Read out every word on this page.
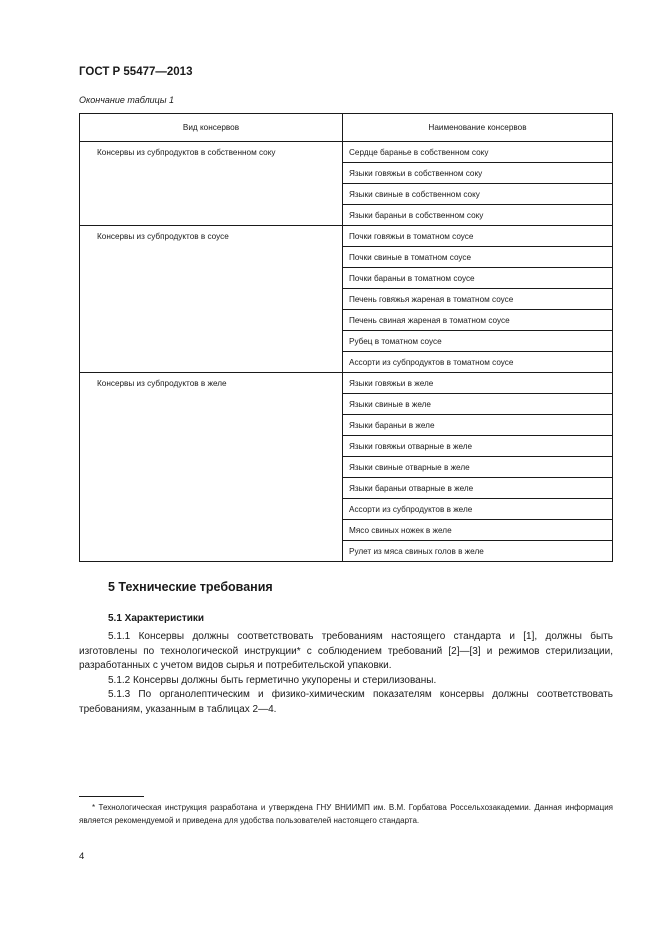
ГОСТ Р 55477—2013
Окончание таблицы 1
Вид консервов	Наименование консервов
Консервы из субпродуктов в собственном соку	Сердце баранье в собственном соку
	Языки говяжьи в собственном соку
	Языки свиные в собственном соку
	Языки бараньи в собственном соку
Консервы из субпродуктов в соусе	Почки говяжьи в томатном соусе
	Почки свиные в томатном соусе
	Почки бараньи в томатном соусе
	Печень говяжья жареная в томатном соусе
	Печень свиная жареная в томатном соусе
	Рубец в томатном соусе
	Ассорти из субпродуктов в томатном соусе
Консервы из субпродуктов в желе	Языки говяжьи в желе
	Языки свиные в желе
	Языки бараньи в желе
	Языки говяжьи отварные в желе
	Языки свиные отварные в желе
	Языки бараньи отварные в желе
	Ассорти из субпродуктов в желе
	Мясо свиных ножек в желе
	Рулет из мяса свиных голов в желе
5 Технические требования
5.1 Характеристики

5.1.1 Консервы должны соответствовать требованиям настоящего стандарта и [1], должны быть изготовлены по технологической инструкции* с соблюдением требований [2]—[3] и режимов стерилизации, разработанных с учетом видов сырья и потребительской упаковки.

5.1.2 Консервы должны быть герметично укупорены и стерилизованы.

5.1.3 По органолептическим и физико-химическим показателям консервы должны соответствовать требованиям, указанным в таблицах 2—4.

* Технологическая инструкция разработана и утверждена ГНУ ВНИИМП им. В.М. Горбатова Россельхозакадемии. Данная информация является рекомендуемой и приведена для удобства пользователей настоящего стандарта.
4
